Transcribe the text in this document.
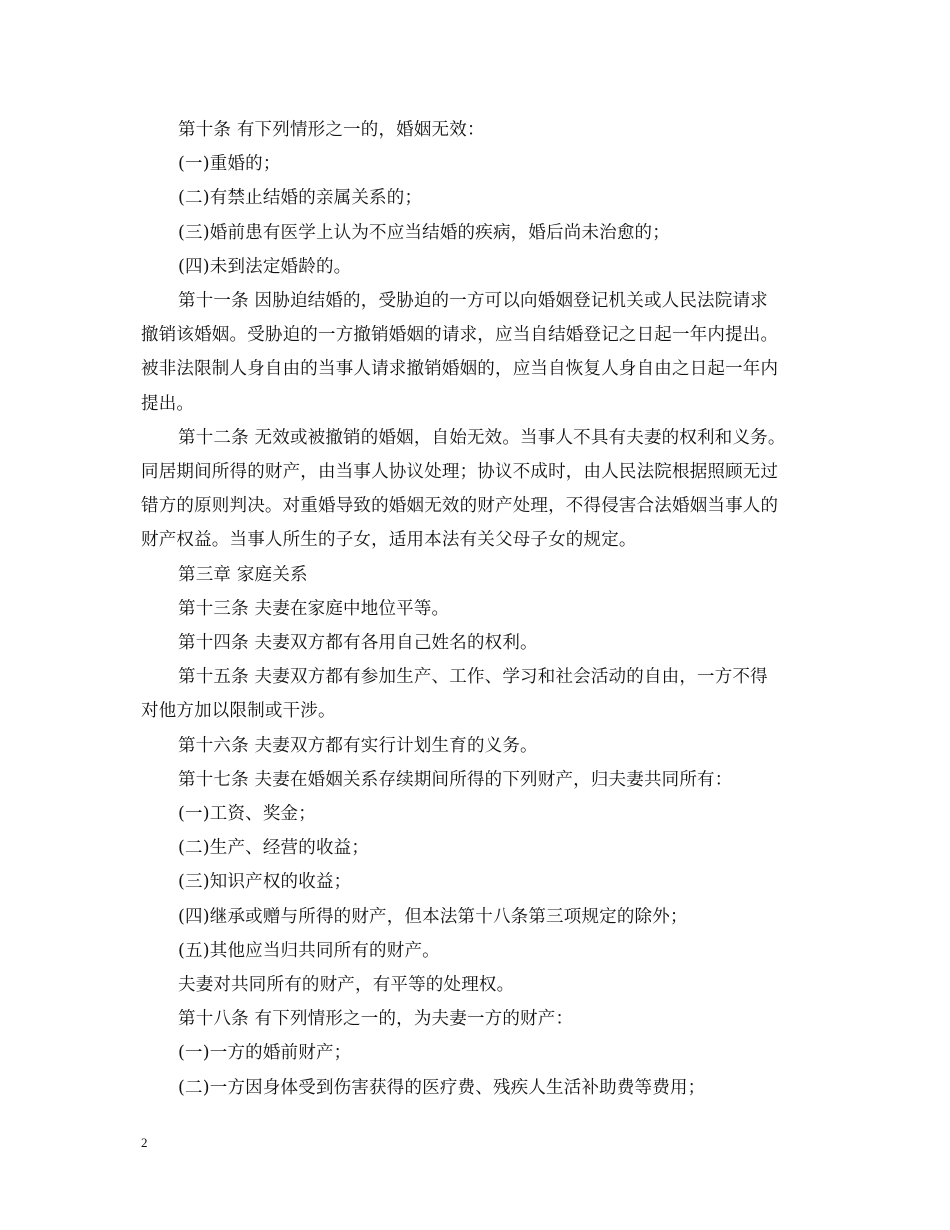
第十条 有下列情形之一的，婚姻无效：

(一)重婚的；

(二)有禁止结婚的亲属关系的；

(三)婚前患有医学上认为不应当结婚的疾病，婚后尚未治愈的；

(四)未到法定婚龄的。

第十一条 因胁迫结婚的，受胁迫的一方可以向婚姻登记机关或人民法院请求

撤销该婚姻。受胁迫的一方撤销婚姻的请求，应当自结婚登记之日起一年内提出。

被非法限制人身自由的当事人请求撤销婚姻的，应当自恢复人身自由之日起一年内

提出。

第十二条 无效或被撤销的婚姻，自始无效。当事人不具有夫妻的权利和义务。

同居期间所得的财产，由当事人协议处理；协议不成时，由人民法院根据照顾无过

错方的原则判决。对重婚导致的婚姻无效的财产处理，不得侵害合法婚姻当事人的

财产权益。当事人所生的子女，适用本法有关父母子女的规定。

第三章 家庭关系

第十三条 夫妻在家庭中地位平等。

第十四条 夫妻双方都有各用自己姓名的权利。

第十五条 夫妻双方都有参加生产、工作、学习和社会活动的自由，一方不得

对他方加以限制或干涉。

第十六条 夫妻双方都有实行计划生育的义务。

第十七条 夫妻在婚姻关系存续期间所得的下列财产，归夫妻共同所有：

(一)工资、奖金；

(二)生产、经营的收益；

(三)知识产权的收益；

(四)继承或赠与所得的财产，但本法第十八条第三项规定的除外；

(五)其他应当归共同所有的财产。

夫妻对共同所有的财产，有平等的处理权。

第十八条 有下列情形之一的，为夫妻一方的财产：

(一)一方的婚前财产；

(二)一方因身体受到伤害获得的医疗费、残疾人生活补助费等费用；

2
